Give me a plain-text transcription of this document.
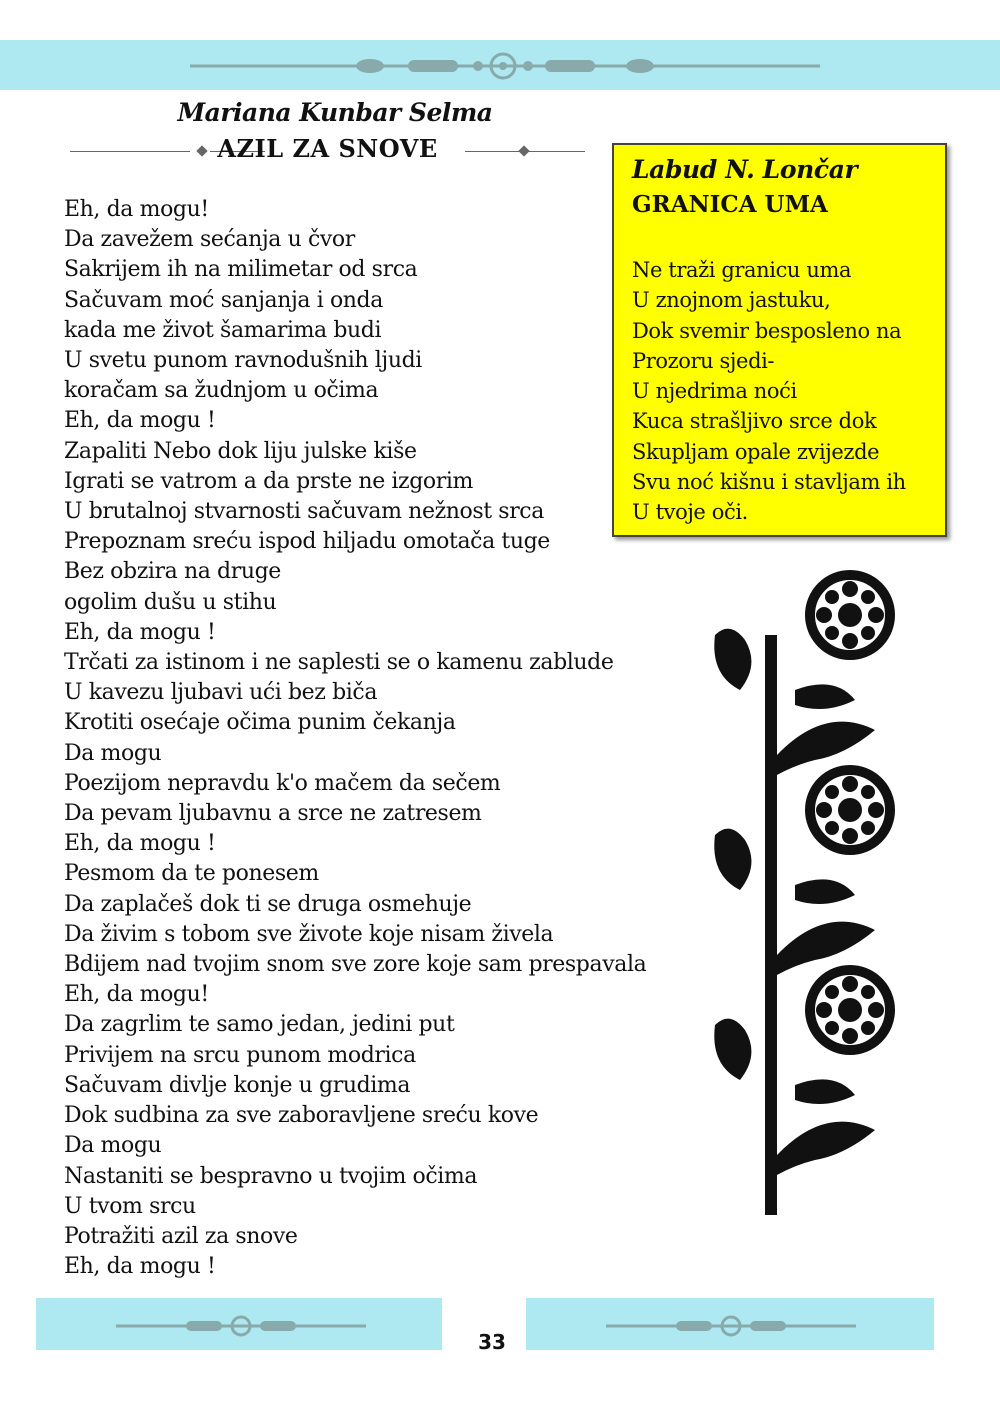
Mariana Kunbar Selma
AZIL ZA SNOVE
Eh, da mogu!
Da zavežem sećanja u čvor
Sakrijem ih na milimetar od srca
Sačuvam moć sanjanja i onda
kada me život šamarima budi
U svetu punom ravnodušnih ljudi
koračam sa žudnjom u očima
Eh, da mogu !
Zapaliti Nebo dok liju julske kiše
Igrati se vatrom a da prste ne izgorim
U brutalnoj stvarnosti sačuvam nežnost srca
Prepoznam sreću ispod hiljadu omotača tuge
Bez obzira na druge
ogolim dušu u stihu
Eh, da mogu !
Trčati za istinom i ne saplesti se o kamenu zablude
U kavezu ljubavi ući bez biča
Krotiti osećaje očima punim čekanja
Da mogu
Poezijom nepravdu k'o mačem da sečem
Da pevam ljubavnu a srce ne zatresem
Eh, da mogu !
Pesmom da te ponesem
Da zaplačeš dok ti se druga osmehuje
Da živim s tobom sve živote koje nisam živela
Bdijem nad tvojim snom sve zore koje sam prespavala
Eh, da mogu!
Da zagrlim te samo jedan, jedini put
Privijem na srcu punom modrica
Sačuvam divlje konje u grudima
Dok sudbina za sve zaboravljene sreću kove
Da mogu
Nastaniti se bespravno u tvojim očima
U tvom srcu
Potražiti azil za snove
Eh, da mogu !
Labud N. Lončar
GRANICA UMA
Ne traži granicu uma
U znojnom jastuku,
Dok svemir besposleno na
Prozoru sjedi-
U njedrima noći
Kuca strašljivo srce dok
Skupljam opale zvijezde
Svu noć kišnu i stavljam ih
U tvoje oči.
33
